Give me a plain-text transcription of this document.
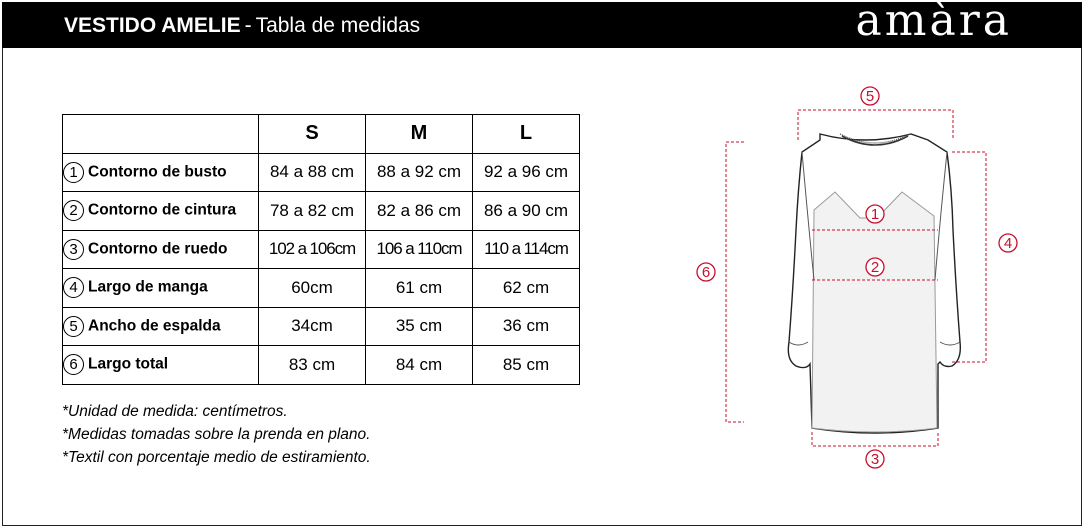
VESTIDO AMELIE - Tabla de medidas	amàra
	S	M	L
1 Contorno de busto	84 a 88 cm	88 a 92 cm	92 a 96 cm
2 Contorno de cintura	78 a 82 cm	82 a 86 cm	86 a 90 cm
3 Contorno de ruedo	102 a 106cm	106 a 110cm	110 a 114cm
4 Largo de manga	60cm	61 cm	62 cm
5 Ancho de espalda	34cm	35 cm	36 cm
6 Largo total	83 cm	84 cm	85 cm
*Unidad de medida: centímetros.
*Medidas tomadas sobre la prenda en plano.
*Textil con porcentaje medio de estiramiento.
5
1
2
3
4
6
